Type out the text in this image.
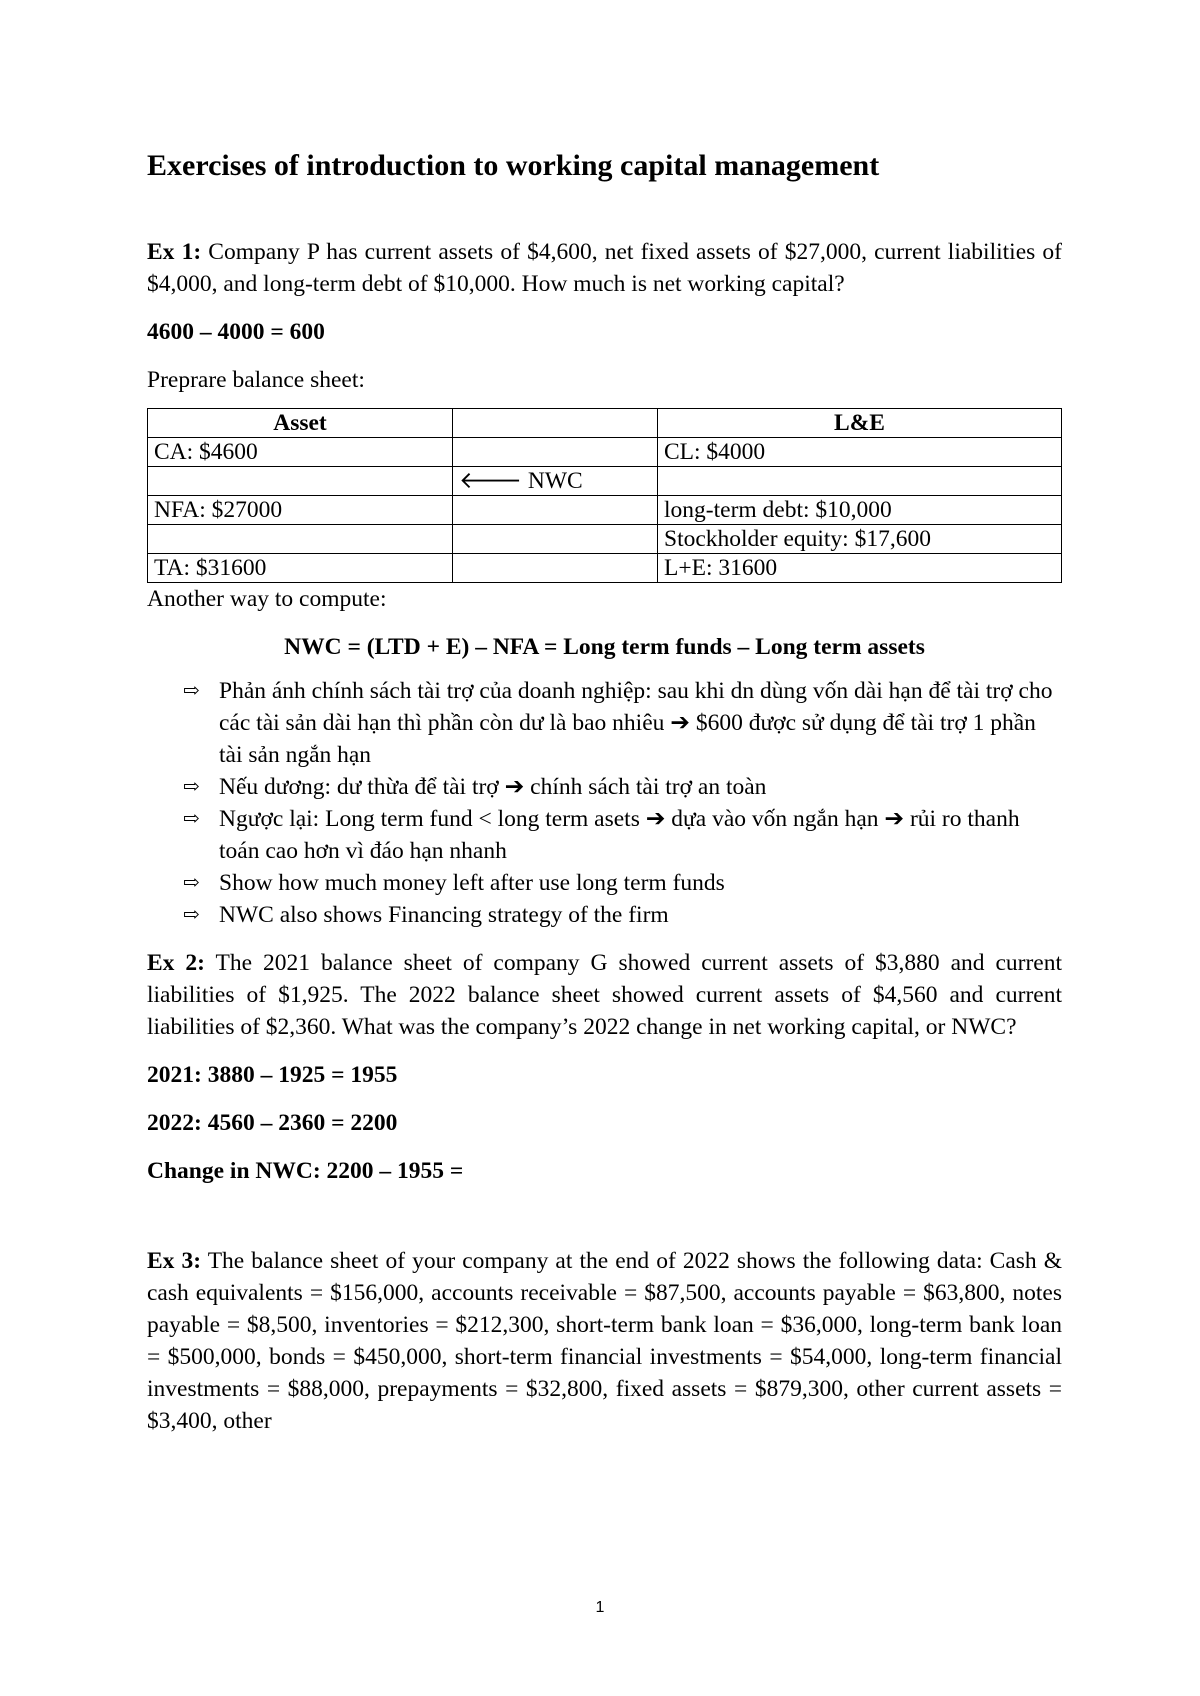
Exercises of introduction to working capital management

Ex 1: Company P has current assets of $4,600, net fixed assets of $27,000, current liabilities of $4,000, and long-term debt of $10,000. How much is net working capital?

4600 – 4000 = 600

Preprare balance sheet:

Asset		L&E
CA: $4600		CL: $4000
	🡐 NWC	
NFA: $27000		long-term debt: $10,000
		Stockholder equity: $17,600
TA: $31600		L+E: 31600

Another way to compute:

NWC = (LTD + E) – NFA = Long term funds – Long term assets

⇨ Phản ánh chính sách tài trợ của doanh nghiệp: sau khi dn dùng vốn dài hạn để tài trợ cho các tài sản dài hạn thì phần còn dư là bao nhiêu ➔ $600 được sử dụng để tài trợ 1 phần tài sản ngắn hạn
⇨ Nếu dương: dư thừa để tài trợ ➔ chính sách tài trợ an toàn
⇨ Ngược lại: Long term fund < long term asets ➔ dựa vào vốn ngắn hạn ➔ rủi ro thanh toán cao hơn vì đáo hạn nhanh
⇨ Show how much money left after use long term funds
⇨ NWC also shows Financing strategy of the firm

Ex 2: The 2021 balance sheet of company G showed current assets of $3,880 and current liabilities of $1,925. The 2022 balance sheet showed current assets of $4,560 and current liabilities of $2,360. What was the company’s 2022 change in net working capital, or NWC?

2021: 3880 – 1925 = 1955

2022: 4560 – 2360 = 2200

Change in NWC: 2200 – 1955 =

Ex 3: The balance sheet of your company at the end of 2022 shows the following data: Cash & cash equivalents = $156,000, accounts receivable = $87,500, accounts payable = $63,800, notes payable = $8,500, inventories = $212,300, short-term bank loan = $36,000, long-term bank loan = $500,000, bonds = $450,000, short-term financial investments = $54,000, long-term financial investments = $88,000, prepayments = $32,800, fixed assets = $879,300, other current assets = $3,400, other

1
